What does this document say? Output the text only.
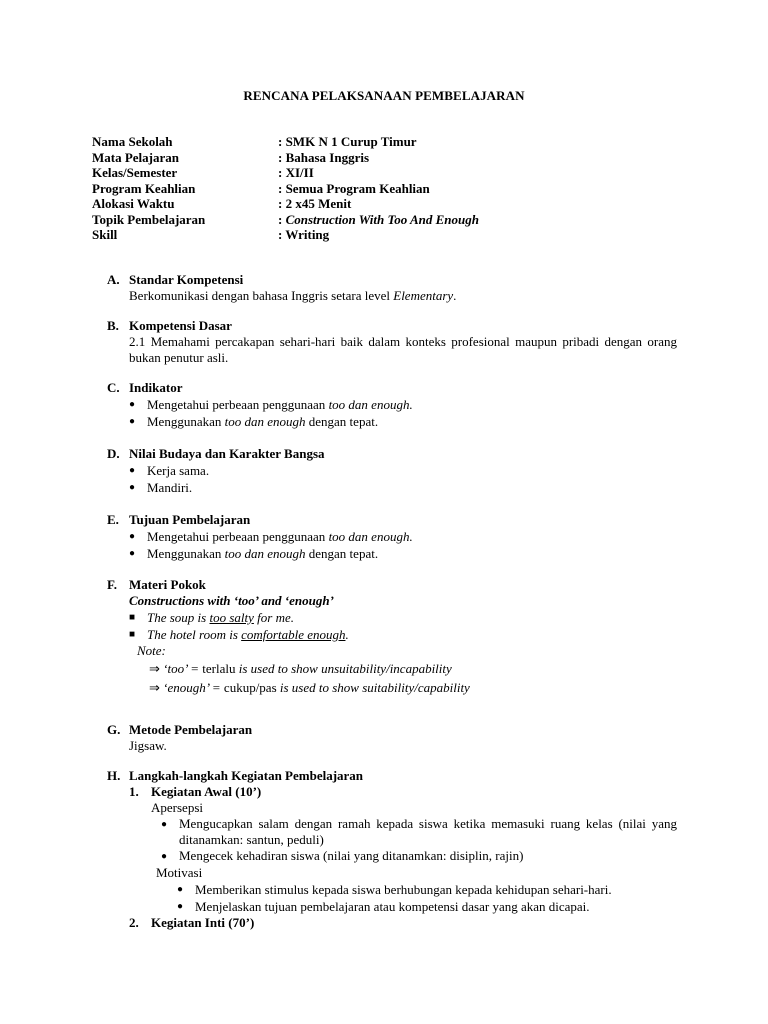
RENCANA PELAKSANAAN PEMBELAJARAN
Nama Sekolah	: SMK N 1 Curup Timur
Mata Pelajaran	: Bahasa Inggris
Kelas/Semester	: XI/II
Program Keahlian	: Semua Program Keahlian
Alokasi Waktu	: 2 x45 Menit
Topik Pembelajaran	: Construction With Too And Enough
Skill	: Writing
A. Standar Kompetensi
Berkomunikasi dengan bahasa Inggris setara level Elementary.
B. Kompetensi Dasar
2.1 Memahami percakapan sehari-hari baik dalam konteks profesional maupun pribadi dengan orang bukan penutur asli.
C. Indikator
● Mengetahui perbeaan penggunaan too dan enough.
● Menggunakan too dan enough dengan tepat.
D. Nilai Budaya dan Karakter Bangsa
● Kerja sama.
● Mandiri.
E. Tujuan Pembelajaran
● Mengetahui perbeaan penggunaan too dan enough.
● Menggunakan too dan enough dengan tepat.
F. Materi Pokok
Constructions with ‘too’ and ‘enough’
■ The soup is too salty for me.
■ The hotel room is comfortable enough.
Note:
⇒ ‘too’ = terlalu is used to show unsuitability/incapability
⇒ ‘enough’ = cukup/pas is used to show suitability/capability
G. Metode Pembelajaran
Jigsaw.
H. Langkah-langkah Kegiatan Pembelajaran
1. Kegiatan Awal (10’)
Apersepsi
● Mengucapkan salam dengan ramah kepada siswa ketika memasuki ruang kelas (nilai yang ditanamkan: santun, peduli)
● Mengecek kehadiran siswa (nilai yang ditanamkan: disiplin, rajin)
Motivasi
● Memberikan stimulus kepada siswa berhubungan kepada kehidupan sehari-hari.
● Menjelaskan tujuan pembelajaran atau kompetensi dasar yang akan dicapai.
2. Kegiatan Inti (70’)
